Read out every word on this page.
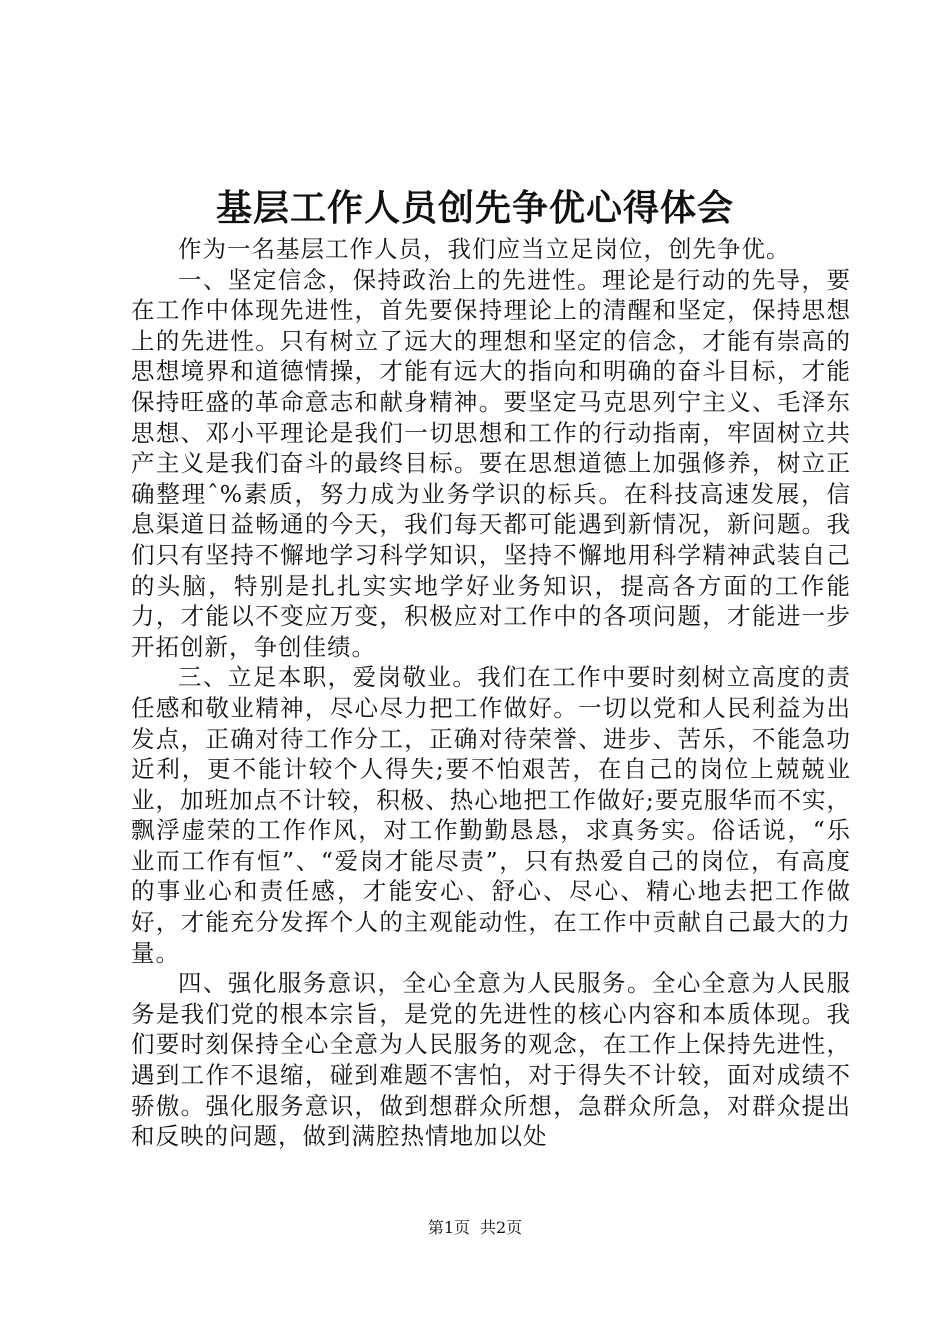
基层工作人员创先争优心得体会

作为一名基层工作人员，我们应当立足岗位，创先争优。

一、坚定信念，保持政治上的先进性。理论是行动的先导，要在工作中体现先进性，首先要保持理论上的清醒和坚定，保持思想上的先进性。只有树立了远大的理想和坚定的信念，才能有崇高的思想境界和道德情操，才能有远大的指向和明确的奋斗目标，才能保持旺盛的革命意志和献身精神。要坚定马克思列宁主义、毛泽东思想、邓小平理论是我们一切思想和工作的行动指南，牢固树立共产主义是我们奋斗的最终目标。要在思想道德上加强修养，树立正确整理ˆ%素质，努力成为业务学识的标兵。在科技高速发展，信息渠道日益畅通的今天，我们每天都可能遇到新情况，新问题。我们只有坚持不懈地学习科学知识，坚持不懈地用科学精神武装自己的头脑，特别是扎扎实实地学好业务知识，提高各方面的工作能力，才能以不变应万变，积极应对工作中的各项问题，才能进一步开拓创新，争创佳绩。

三、立足本职，爱岗敬业。我们在工作中要时刻树立高度的责任感和敬业精神，尽心尽力把工作做好。一切以党和人民利益为出发点，正确对待工作分工，正确对待荣誉、进步、苦乐，不能急功近利，更不能计较个人得失;要不怕艰苦，在自己的岗位上兢兢业业，加班加点不计较，积极、热心地把工作做好;要克服华而不实，飘浮虚荣的工作作风，对工作勤勤恳恳，求真务实。俗话说，“乐业而工作有恒”、“爱岗才能尽责”，只有热爱自己的岗位，有高度的事业心和责任感，才能安心、舒心、尽心、精心地去把工作做好，才能充分发挥个人的主观能动性，在工作中贡献自己最大的力量。

四、强化服务意识，全心全意为人民服务。全心全意为人民服务是我们党的根本宗旨，是党的先进性的核心内容和本质体现。我们要时刻保持全心全意为人民服务的观念，在工作上保持先进性，遇到工作不退缩，碰到难题不害怕，对于得失不计较，面对成绩不骄傲。强化服务意识，做到想群众所想，急群众所急，对群众提出和反映的问题，做到满腔热情地加以处

第1页 共2页
